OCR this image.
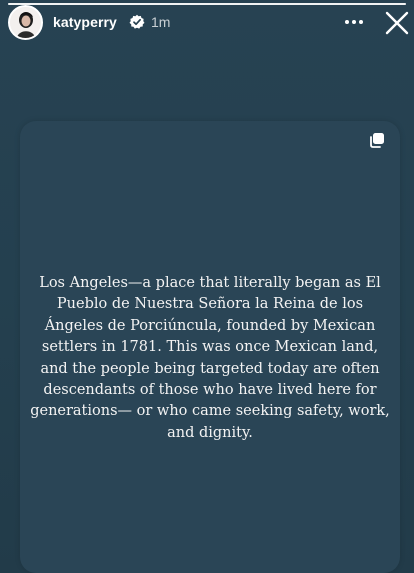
katyperry 1m
Los Angeles—a place that literally began as El Pueblo de Nuestra Señora la Reina de los Ángeles de Porciúncula, founded by Mexican settlers in 1781. This was once Mexican land, and the people being targeted today are often descendants of those who have lived here for generations— or who came seeking safety, work, and dignity.
